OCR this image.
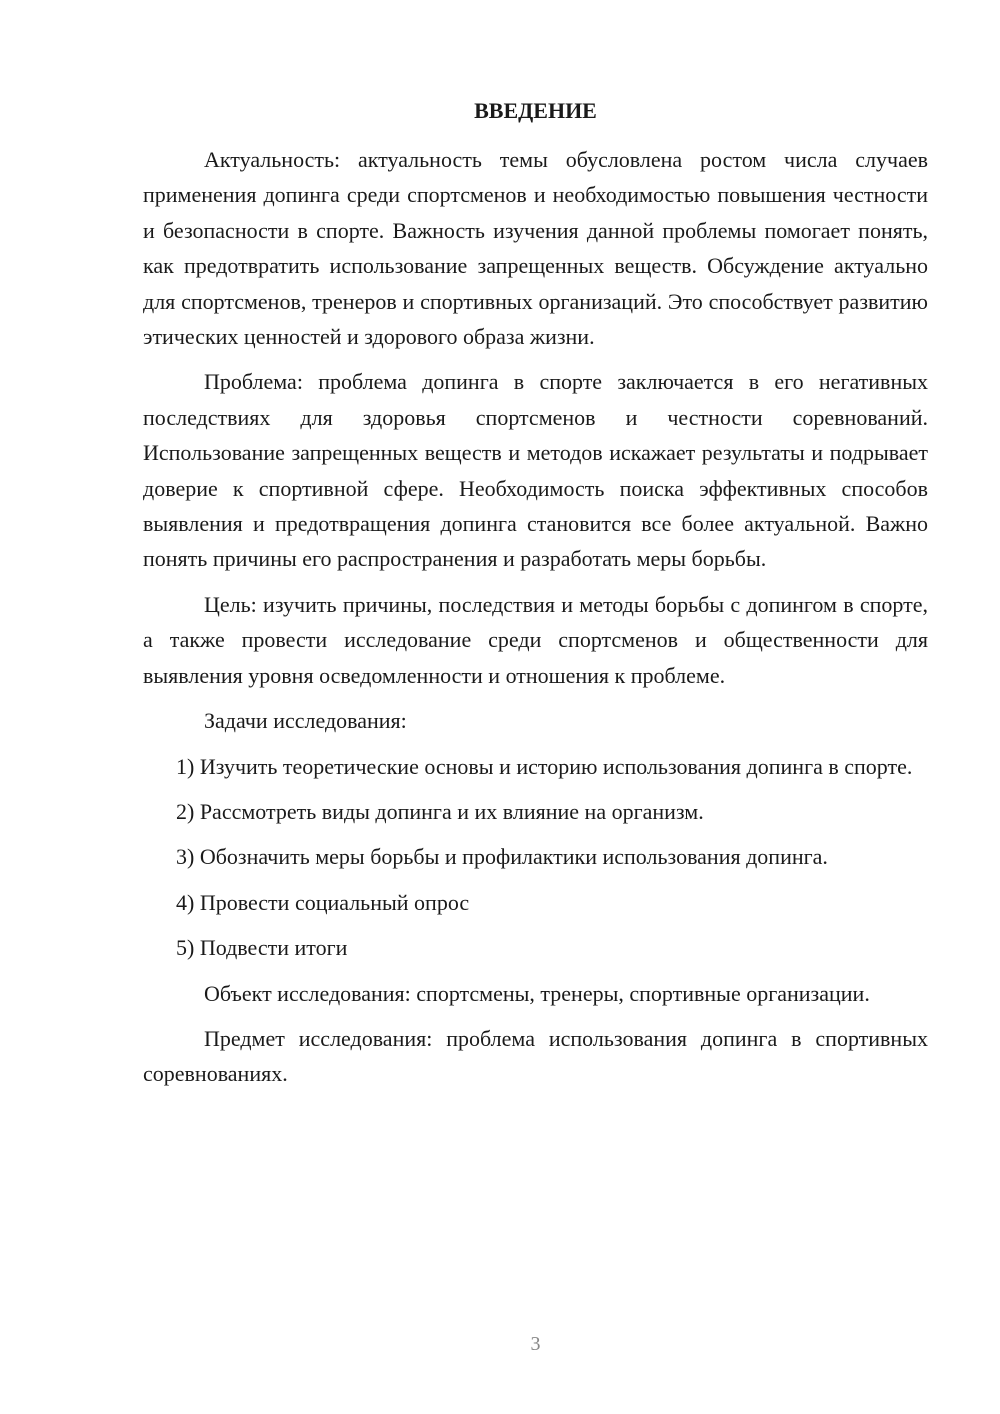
ВВЕДЕНИЕ

Актуальность: актуальность темы обусловлена ростом числа случаев применения допинга среди спортсменов и необходимостью повышения честности и безопасности в спорте. Важность изучения данной проблемы помогает понять, как предотвратить использование запрещенных веществ. Обсуждение актуально для спортсменов, тренеров и спортивных организаций. Это способствует развитию этических ценностей и здорового образа жизни.

Проблема: проблема допинга в спорте заключается в его негативных последствиях для здоровья спортсменов и честности соревнований. Использование запрещенных веществ и методов искажает результаты и подрывает доверие к спортивной сфере. Необходимость поиска эффективных способов выявления и предотвращения допинга становится все более актуальной. Важно понять причины его распространения и разработать меры борьбы.

Цель: изучить причины, последствия и методы борьбы с допингом в спорте, а также провести исследование среди спортсменов и общественности для выявления уровня осведомленности и отношения к проблеме.

Задачи исследования:

1) Изучить теоретические основы и историю использования допинга в спорте.

2) Рассмотреть виды допинга и их влияние на организм.

3) Обозначить меры борьбы и профилактики использования допинга.

4) Провести социальный опрос

5) Подвести итоги

Объект исследования: спортсмены, тренеры, спортивные организации.

Предмет исследования: проблема использования допинга в спортивных соревнованиях.

3
